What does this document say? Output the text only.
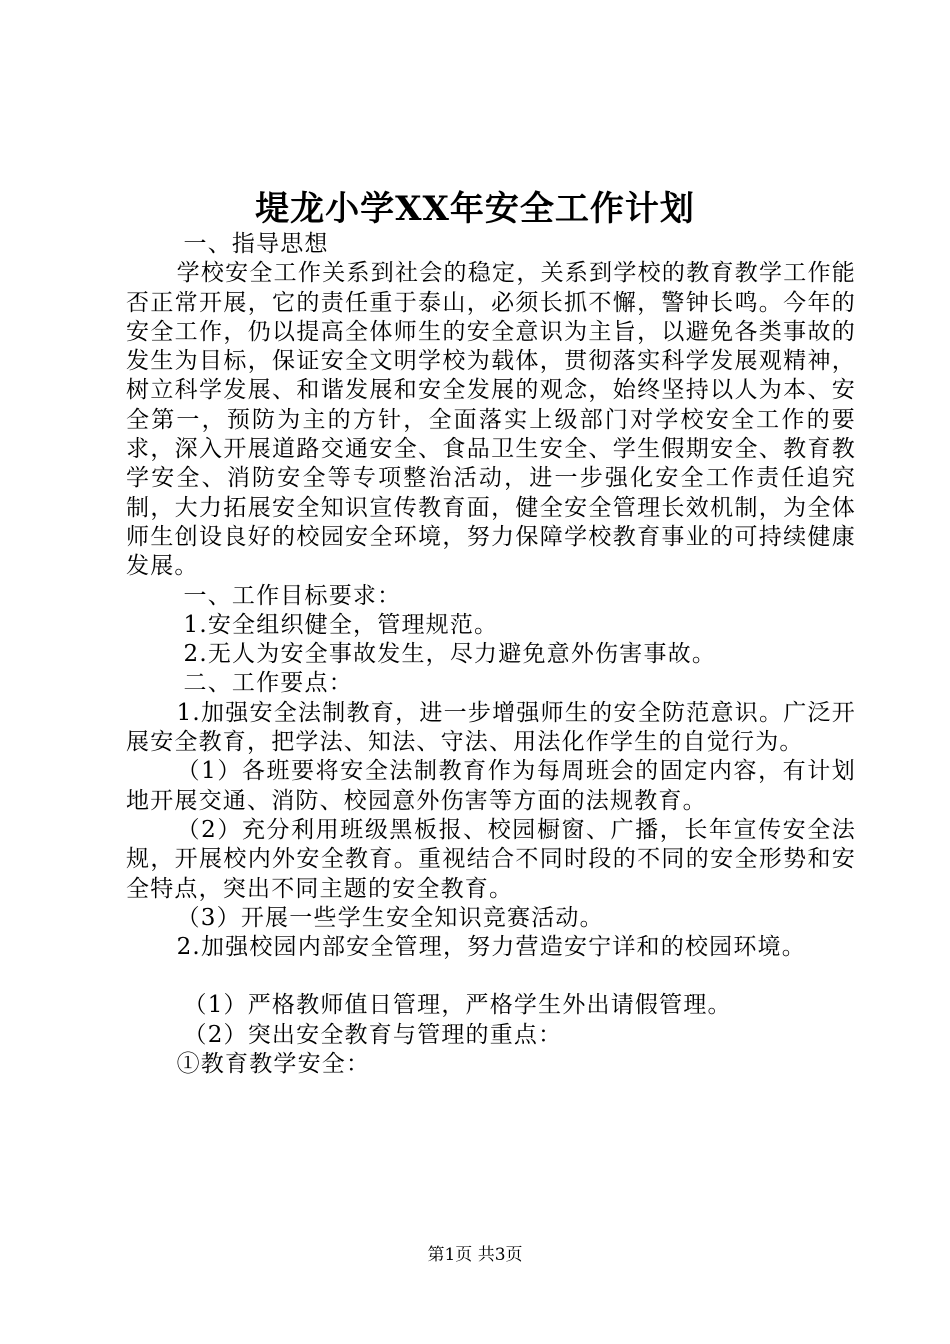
堤龙小学XX年安全工作计划

一、指导思想

学校安全工作关系到社会的稳定，关系到学校的教育教学工作能否正常开展，它的责任重于泰山，必须长抓不懈，警钟长鸣。今年的安全工作，仍以提高全体师生的安全意识为主旨，以避免各类事故的发生为目标，保证安全文明学校为载体，贯彻落实科学发展观精神，树立科学发展、和谐发展和安全发展的观念，始终坚持以人为本、安全第一，预防为主的方针，全面落实上级部门对学校安全工作的要求，深入开展道路交通安全、食品卫生安全、学生假期安全、教育教学安全、消防安全等专项整治活动，进一步强化安全工作责任追究制，大力拓展安全知识宣传教育面，健全安全管理长效机制，为全体师生创设良好的校园安全环境，努力保障学校教育事业的可持续健康发展。

一、工作目标要求：

1.安全组织健全，管理规范。

2.无人为安全事故发生，尽力避免意外伤害事故。

二、工作要点：

1.加强安全法制教育，进一步增强师生的安全防范意识。广泛开展安全教育，把学法、知法、守法、用法化作学生的自觉行为。

（1）各班要将安全法制教育作为每周班会的固定内容，有计划地开展交通、消防、校园意外伤害等方面的法规教育。

（2）充分利用班级黑板报、校园橱窗、广播，长年宣传安全法规，开展校内外安全教育。重视结合不同时段的不同的安全形势和安全特点，突出不同主题的安全教育。

（3）开展一些学生安全知识竞赛活动。

2.加强校园内部安全管理，努力营造安宁详和的校园环境。

（1）严格教师值日管理，严格学生外出请假管理。

（2）突出安全教育与管理的重点：

①教育教学安全：

第1页 共3页
